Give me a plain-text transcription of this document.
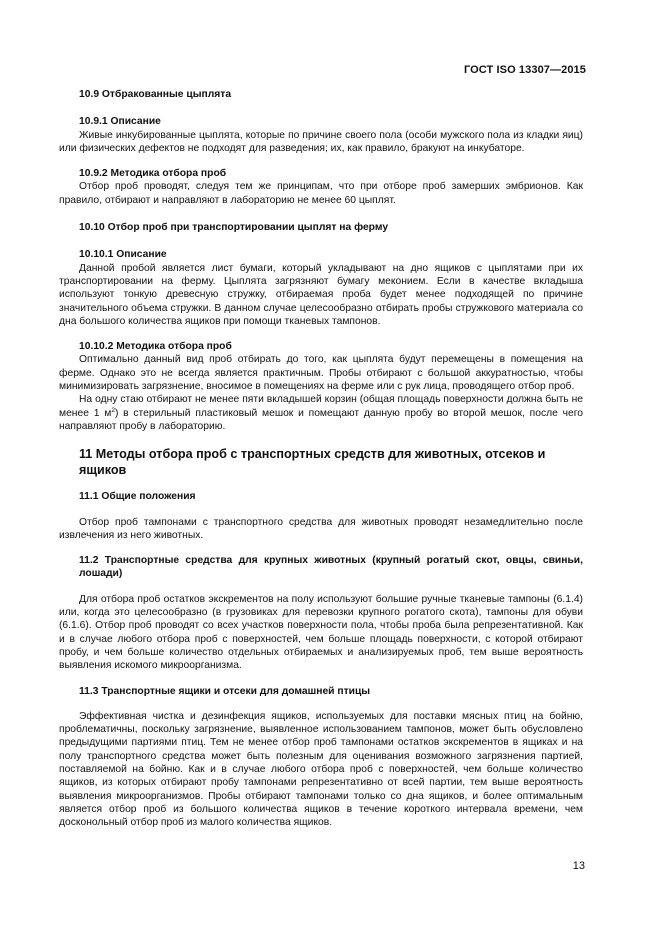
ГОСТ ISO 13307—2015
10.9 Отбракованные цыплята
10.9.1 Описание

Живые инкубированные цыплята, которые по причине своего пола (особи мужского пола из кладки яиц) или физических дефектов не подходят для разведения; их, как правило, бракуют на инкубаторе.

10.9.2 Методика отбора проб

Отбор проб проводят, следуя тем же принципам, что при отборе проб замерших эмбрионов. Как правило, отбирают и направляют в лабораторию не менее 60 цыплят.

10.10 Отбор проб при транспортировании цыплят на ферму
10.10.1 Описание

Данной пробой является лист бумаги, который укладывают на дно ящиков с цыплятами при их транспортировании на ферму. Цыплята загрязняют бумагу меконием. Если в качестве вкладыша используют тонкую древесную стружку, отбираемая проба будет менее подходящей по причине значительного объема стружки. В данном случае целесообразно отбирать пробы стружкового материала со дна большого количества ящиков при помощи тканевых тампонов.

10.10.2 Методика отбора проб

Оптимально данный вид проб отбирать до того, как цыплята будут перемещены в помещения на ферме. Однако это не всегда является практичным. Пробы отбирают с большой аккуратностью, чтобы минимизировать загрязнение, вносимое в помещениях на ферме или с рук лица, проводящего отбор проб.

На одну стаю отбирают не менее пяти вкладышей корзин (общая площадь поверхности должна быть не менее 1 $м^2$) в стерильный пластиковый мешок и помещают данную пробу во второй мешок, после чего направляют пробу в лабораторию.

11 Методы отбора проб с транспортных средств для животных, отсеков и ящиков
11.1 Общие положения

Отбор проб тампонами с транспортного средства для животных проводят незамедлительно после извлечения из него животных.

11.2 Транспортные средства для крупных животных (крупный рогатый скот, овцы, свиньи, лошади)

Для отбора проб остатков экскрементов на полу используют большие ручные тканевые тампоны (6.1.4) или, когда это целесообразно (в грузовиках для перевозки крупного рогатого скота), тампоны для обуви (6.1.6). Отбор проб проводят со всех участков поверхности пола, чтобы проба была репрезентативной. Как и в случае любого отбора проб с поверхностей, чем больше площадь поверхности, с которой отбирают пробу, и чем больше количество отдельных отбираемых и анализируемых проб, тем выше вероятность выявления искомого микроорганизма.

11.3 Транспортные ящики и отсеки для домашней птицы

Эффективная чистка и дезинфекция ящиков, используемых для поставки мясных птиц на бойню, проблематичны, поскольку загрязнение, выявленное использованием тампонов, может быть обусловлено предыдущими партиями птиц. Тем не менее отбор проб тампонами остатков экскрементов в ящиках и на полу транспортного средства может быть полезным для оценивания возможного загрязнения партией, поставляемой на бойню. Как и в случае любого отбора проб с поверхностей, чем больше количество ящиков, из которых отбирают пробу тампонами репрезентативно от всей партии, тем выше вероятность выявления микроорганизмов. Пробы отбирают тампонами только со дна ящиков, и более оптимальным является отбор проб из большого количества ящиков в течение короткого интервала времени, чем досконольный отбор проб из малого количества ящиков.

13
